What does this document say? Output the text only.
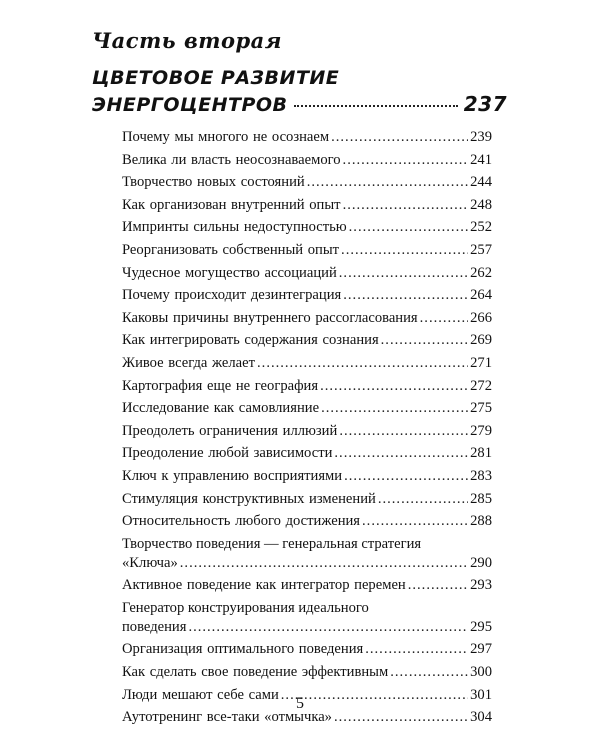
Часть вторая
ЦВЕТОВОЕ РАЗВИТИЕ
ЭНЕРГОЦЕНТРОВ	237
Почему мы многого не осознаем .....	239
Велика ли власть неосознаваемого .....	241
Творчество новых состояний .....	244
Как организован внутренний опыт .....	248
Импринты сильны недоступностью .....	252
Реорганизовать собственный опыт .....	257
Чудесное могущество ассоциаций .....	262
Почему происходит дезинтеграция .....	264
Каковы причины внутреннего рассогласования .....	266
Как интегрировать содержания сознания .....	269
Живое всегда желает .....	271
Картография еще не география .....	272
Исследование как самовлияние .....	275
Преодолеть ограничения иллюзий .....	279
Преодоление любой зависимости .....	281
Ключ к управлению восприятиями .....	283
Стимуляция конструктивных изменений .....	285
Относительность любого достижения .....	288
Творчество поведения — генеральная стратегия
«Ключа» .....	290
Активное поведение как интегратор перемен .....	293
Генератор конструирования идеального
поведения .....	295
Организация оптимального поведения .....	297
Как сделать свое поведение эффективным .....	300
Люди мешают себе сами .....	301
Аутотренинг все-таки «отмычка» .....	304
5
